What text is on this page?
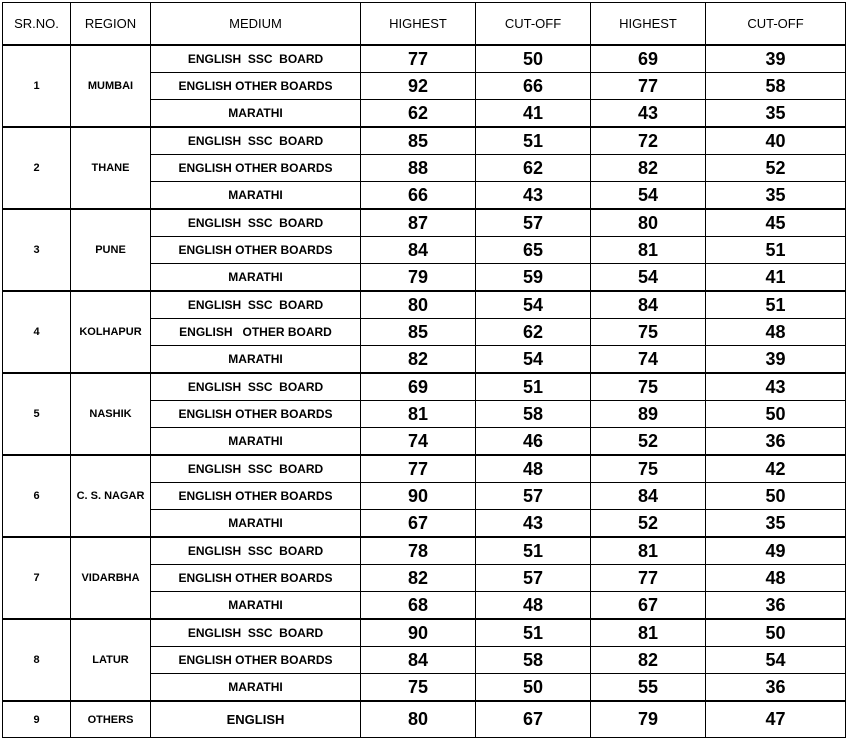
SR.NO.	REGION	MEDIUM	HIGHEST	CUT-OFF	HIGHEST	CUT-OFF
1	MUMBAI	ENGLISH  SSC  BOARD	77	50	69	39
		ENGLISH OTHER BOARDS	92	66	77	58
		MARATHI	62	41	43	35
2	THANE	ENGLISH  SSC  BOARD	85	51	72	40
		ENGLISH OTHER BOARDS	88	62	82	52
		MARATHI	66	43	54	35
3	PUNE	ENGLISH  SSC  BOARD	87	57	80	45
		ENGLISH OTHER BOARDS	84	65	81	51
		MARATHI	79	59	54	41
4	KOLHAPUR	ENGLISH  SSC  BOARD	80	54	84	51
		ENGLISH   OTHER BOARD	85	62	75	48
		MARATHI	82	54	74	39
5	NASHIK	ENGLISH  SSC  BOARD	69	51	75	43
		ENGLISH OTHER BOARDS	81	58	89	50
		MARATHI	74	46	52	36
6	C. S. NAGAR	ENGLISH  SSC  BOARD	77	48	75	42
		ENGLISH OTHER BOARDS	90	57	84	50
		MARATHI	67	43	52	35
7	VIDARBHA	ENGLISH  SSC  BOARD	78	51	81	49
		ENGLISH OTHER BOARDS	82	57	77	48
		MARATHI	68	48	67	36
8	LATUR	ENGLISH  SSC  BOARD	90	51	81	50
		ENGLISH OTHER BOARDS	84	58	82	54
		MARATHI	75	50	55	36
9	OTHERS	ENGLISH	80	67	79	47
